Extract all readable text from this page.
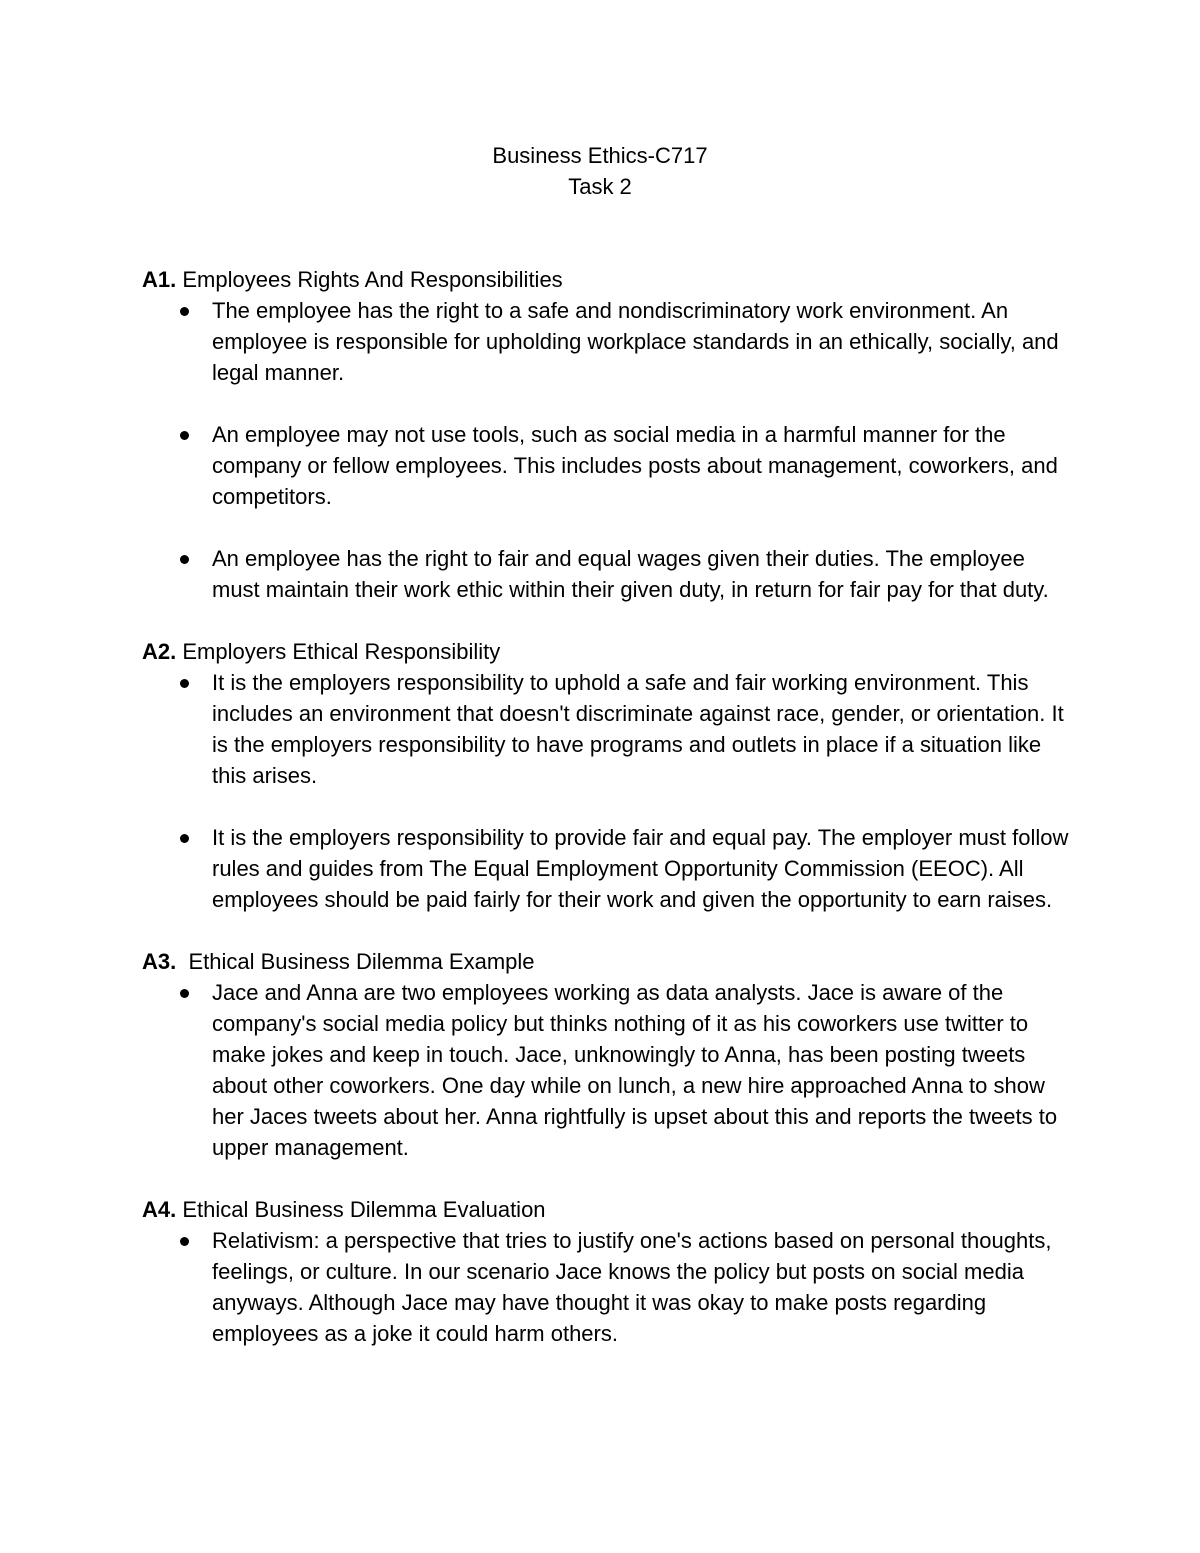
Business Ethics-C717
Task 2
A1. Employees Rights And Responsibilities
The employee has the right to a safe and nondiscriminatory work environment. An employee is responsible for upholding workplace standards in an ethically, socially, and legal manner.
An employee may not use tools, such as social media in a harmful manner for the company or fellow employees. This includes posts about management, coworkers, and competitors.
An employee has the right to fair and equal wages given their duties. The employee must maintain their work ethic within their given duty, in return for fair pay for that duty.
A2. Employers Ethical Responsibility
It is the employers responsibility to uphold a safe and fair working environment. This includes an environment that doesn't discriminate against race, gender, or orientation. It is the employers responsibility to have programs and outlets in place if a situation like this arises.
It is the employers responsibility to provide fair and equal pay. The employer must follow rules and guides from The Equal Employment Opportunity Commission (EEOC). All employees should be paid fairly for their work and given the opportunity to earn raises.
A3.  Ethical Business Dilemma Example
Jace and Anna are two employees working as data analysts. Jace is aware of the company's social media policy but thinks nothing of it as his coworkers use twitter to make jokes and keep in touch. Jace, unknowingly to Anna, has been posting tweets about other coworkers. One day while on lunch, a new hire approached Anna to show her Jaces tweets about her. Anna rightfully is upset about this and reports the tweets to upper management.
A4. Ethical Business Dilemma Evaluation
Relativism: a perspective that tries to justify one's actions based on personal thoughts, feelings, or culture. In our scenario Jace knows the policy but posts on social media anyways. Although Jace may have thought it was okay to make posts regarding employees as a joke it could harm others.
